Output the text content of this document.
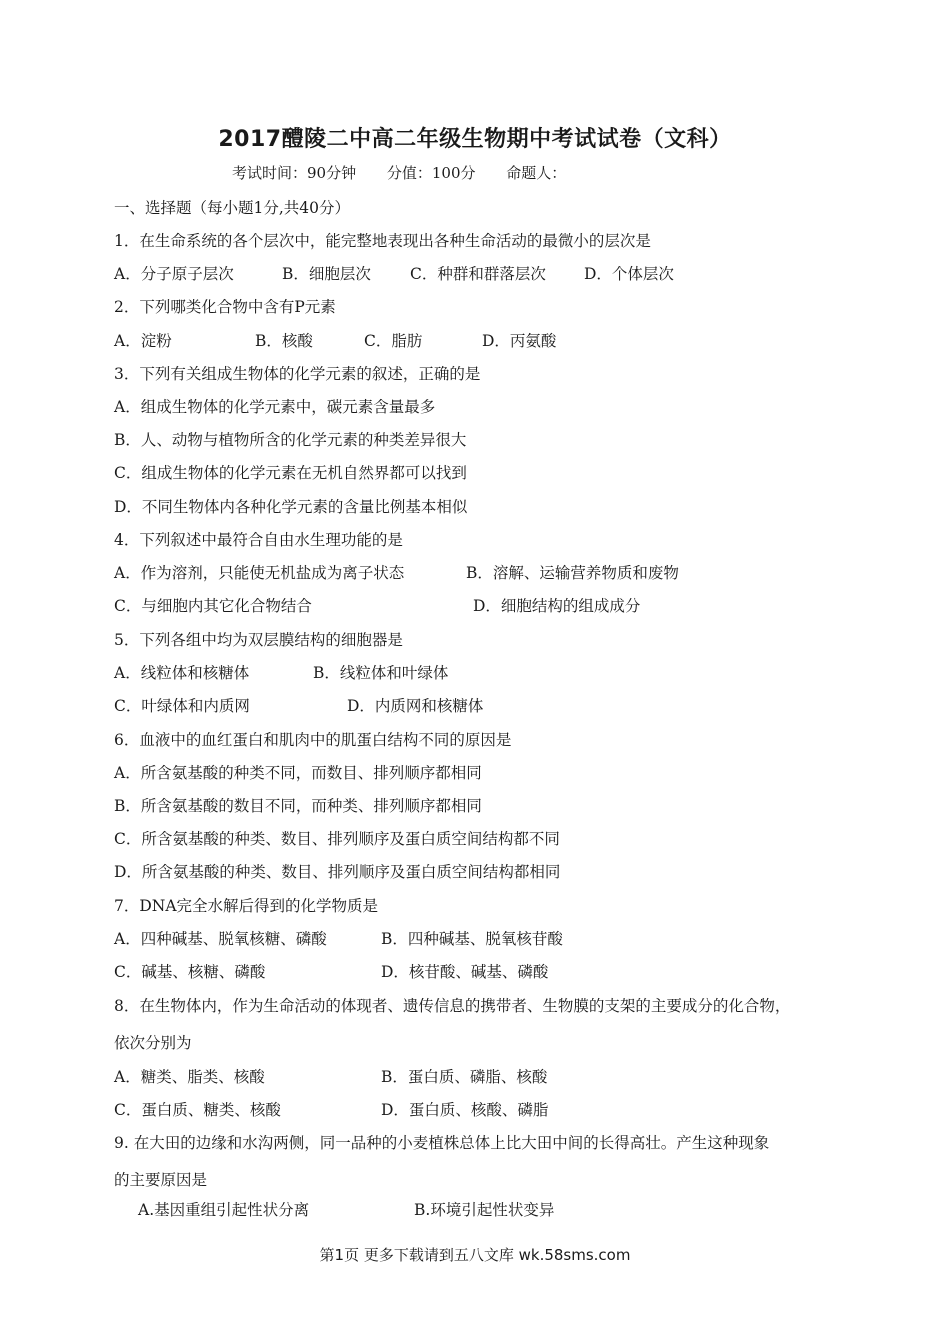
2017醴陵二中高二年级生物期中考试试卷（文科）
考试时间：90分钟 分值：100分 命题人：
一、选择题（每小题1分,共40分）
1．在生命系统的各个层次中，能完整地表现出各种生命活动的最微小的层次是
A．分子原子层次	B．细胞层次	C．种群和群落层次 D．个体层次
2．下列哪类化合物中含有P元素
A．淀粉	B．核酸	C．脂肪	D．丙氨酸
3．下列有关组成生物体的化学元素的叙述，正确的是
A．组成生物体的化学元素中，碳元素含量最多
B．人、动物与植物所含的化学元素的种类差异很大
C．组成生物体的化学元素在无机自然界都可以找到
D．不同生物体内各种化学元素的含量比例基本相似
4．下列叙述中最符合自由水生理功能的是
A．作为溶剂，只能使无机盐成为离子状态	B．溶解、运输营养物质和废物
C．与细胞内其它化合物结合	D．细胞结构的组成成分
5．下列各组中均为双层膜结构的细胞器是
A．线粒体和核糖体	B．线粒体和叶绿体
C．叶绿体和内质网	D．内质网和核糖体
6．血液中的血红蛋白和肌肉中的肌蛋白结构不同的原因是
A．所含氨基酸的种类不同，而数目、排列顺序都相同
B．所含氨基酸的数目不同，而种类、排列顺序都相同
C．所含氨基酸的种类、数目、排列顺序及蛋白质空间结构都不同
D．所含氨基酸的种类、数目、排列顺序及蛋白质空间结构都相同
7．DNA完全水解后得到的化学物质是
A．四种碱基、脱氧核糖、磷酸	B．四种碱基、脱氧核苷酸
C．碱基、核糖、磷酸	D．核苷酸、碱基、磷酸
8．在生物体内，作为生命活动的体现者、遗传信息的携带者、生物膜的支架的主要成分的化合物，
依次分别为
A．糖类、脂类、核酸	B．蛋白质、磷脂、核酸
C．蛋白质、糖类、核酸	D．蛋白质、核酸、磷脂
9. 在大田的边缘和水沟两侧，同一品种的小麦植株总体上比大田中间的长得高壮。产生这种现象
的主要原因是
A.基因重组引起性状分离	B.环境引起性状变异
第1页 更多下载请到五八文库 wk.58sms.com
